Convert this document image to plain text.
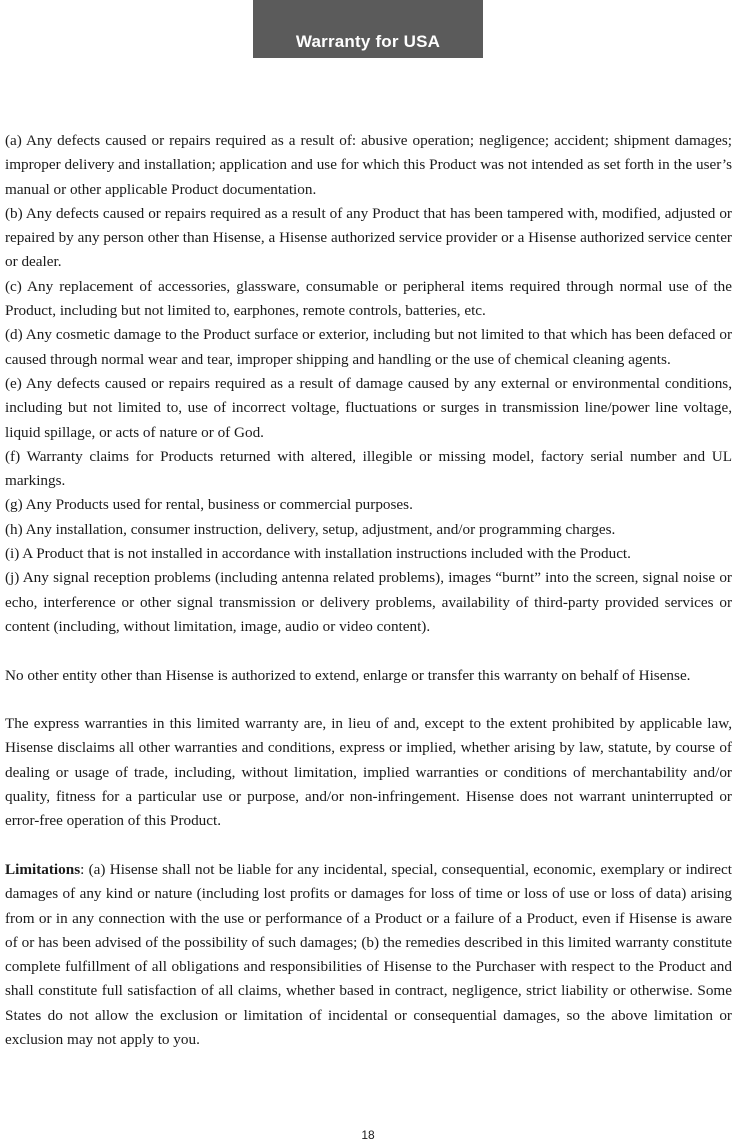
Warranty for USA

(a) Any defects caused or repairs required as a result of: abusive operation; negligence; accident; shipment damages; improper delivery and installation; application and use for which this Product was not intended as set forth in the user’s manual or other applicable Product documentation.

(b) Any defects caused or repairs required as a result of any Product that has been tampered with, modified, adjusted or repaired by any person other than Hisense, a Hisense authorized service provider or a Hisense authorized service center or dealer.

(c) Any replacement of accessories, glassware, consumable or peripheral items required through normal use of the Product, including but not limited to, earphones, remote controls, batteries, etc.

(d) Any cosmetic damage to the Product surface or exterior, including but not limited to that which has been defaced or caused through normal wear and tear, improper shipping and handling or the use of chemical cleaning agents.

(e) Any defects caused or repairs required as a result of damage caused by any external or environmental conditions, including but not limited to, use of incorrect voltage, fluctuations or surges in transmission line/power line voltage, liquid spillage, or acts of nature or of God.

(f) Warranty claims for Products returned with altered, illegible or missing model, factory serial number and UL markings.

(g) Any Products used for rental, business or commercial purposes.

(h) Any installation, consumer instruction, delivery, setup, adjustment, and/or programming charges.

(i) A Product that is not installed in accordance with installation instructions included with the Product.

(j) Any signal reception problems (including antenna related problems), images “burnt” into the screen, signal noise or echo, interference or other signal transmission or delivery problems, availability of third-party provided services or content (including, without limitation, image, audio or video content).

No other entity other than Hisense is authorized to extend, enlarge or transfer this warranty on behalf of Hisense.

The express warranties in this limited warranty are, in lieu of and, except to the extent prohibited by applicable law, Hisense disclaims all other warranties and conditions, express or implied, whether arising by law, statute, by course of dealing or usage of trade, including, without limitation, implied warranties or conditions of merchantability and/or quality, fitness for a particular use or purpose, and/or non-infringement. Hisense does not warrant uninterrupted or error-free operation of this Product.

Limitations: (a) Hisense shall not be liable for any incidental, special, consequential, economic, exemplary or indirect damages of any kind or nature (including lost profits or damages for loss of time or loss of use or loss of data) arising from or in any connection with the use or performance of a Product or a failure of a Product, even if Hisense is aware of or has been advised of the possibility of such damages; (b) the remedies described in this limited warranty constitute complete fulfillment of all obligations and responsibilities of Hisense to the Purchaser with respect to the Product and shall constitute full satisfaction of all claims, whether based in contract, negligence, strict liability or otherwise. Some States do not allow the exclusion or limitation of incidental or consequential damages, so the above limitation or exclusion may not apply to you.

18
